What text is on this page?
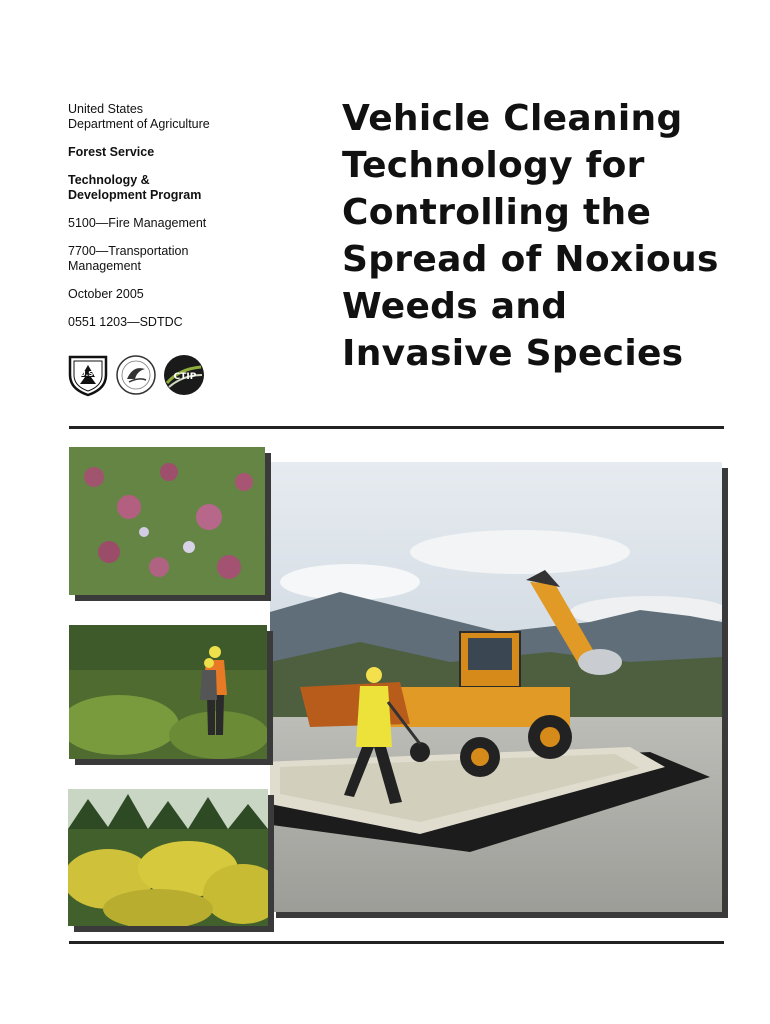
United States

Department of Agriculture

Forest Service

Technology &

Development Program

5100—Fire Management

7700—Transportation

Management

October 2005

0551 1203—SDTDC

U.S.	CTIP
Vehicle Cleaning
Technology for
Controlling the
Spread of Noxious
Weeds and
Invasive Species
